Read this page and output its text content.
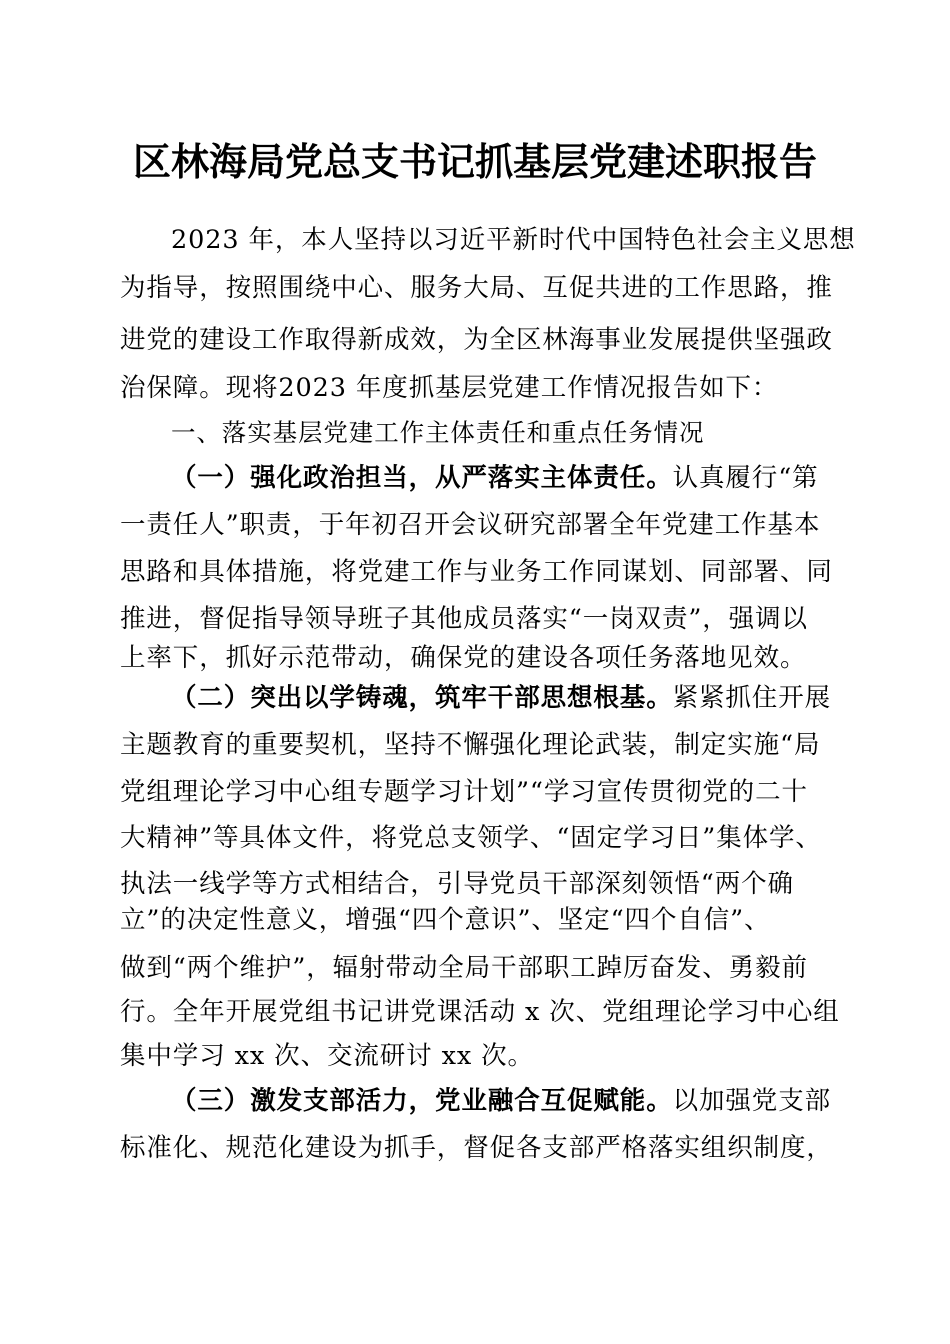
区林海局党总支书记抓基层党建述职报告
2023 年，本人坚持以习近平新时代中国特色社会主义思想
为指导，按照围绕中心、服务大局、互促共进的工作思路，推
进党的建设工作取得新成效，为全区林海事业发展提供坚强政
治保障。现将2023 年度抓基层党建工作情况报告如下：
一、落实基层党建工作主体责任和重点任务情况
（一）强化政治担当，从严落实主体责任。认真履行“第
一责任人”职责，于年初召开会议研究部署全年党建工作基本
思路和具体措施，将党建工作与业务工作同谋划、同部署、同
推进，督促指导领导班子其他成员落实“一岗双责”，强调以
上率下，抓好示范带动，确保党的建设各项任务落地见效。
（二）突出以学铸魂，筑牢干部思想根基。紧紧抓住开展
主题教育的重要契机，坚持不懈强化理论武装，制定实施“局
党组理论学习中心组专题学习计划”“学习宣传贯彻党的二十
大精神”等具体文件，将党总支领学、“固定学习日”集体学、
执法一线学等方式相结合，引导党员干部深刻领悟“两个确
立”的决定性意义，增强“四个意识”、坚定“四个自信”、
做到“两个维护”，辐射带动全局干部职工踔厉奋发、勇毅前
行。全年开展党组书记讲党课活动 x 次、党组理论学习中心组
集中学习 xx 次、交流研讨 xx 次。
（三）激发支部活力，党业融合互促赋能。以加强党支部
标准化、规范化建设为抓手，督促各支部严格落实组织制度，
